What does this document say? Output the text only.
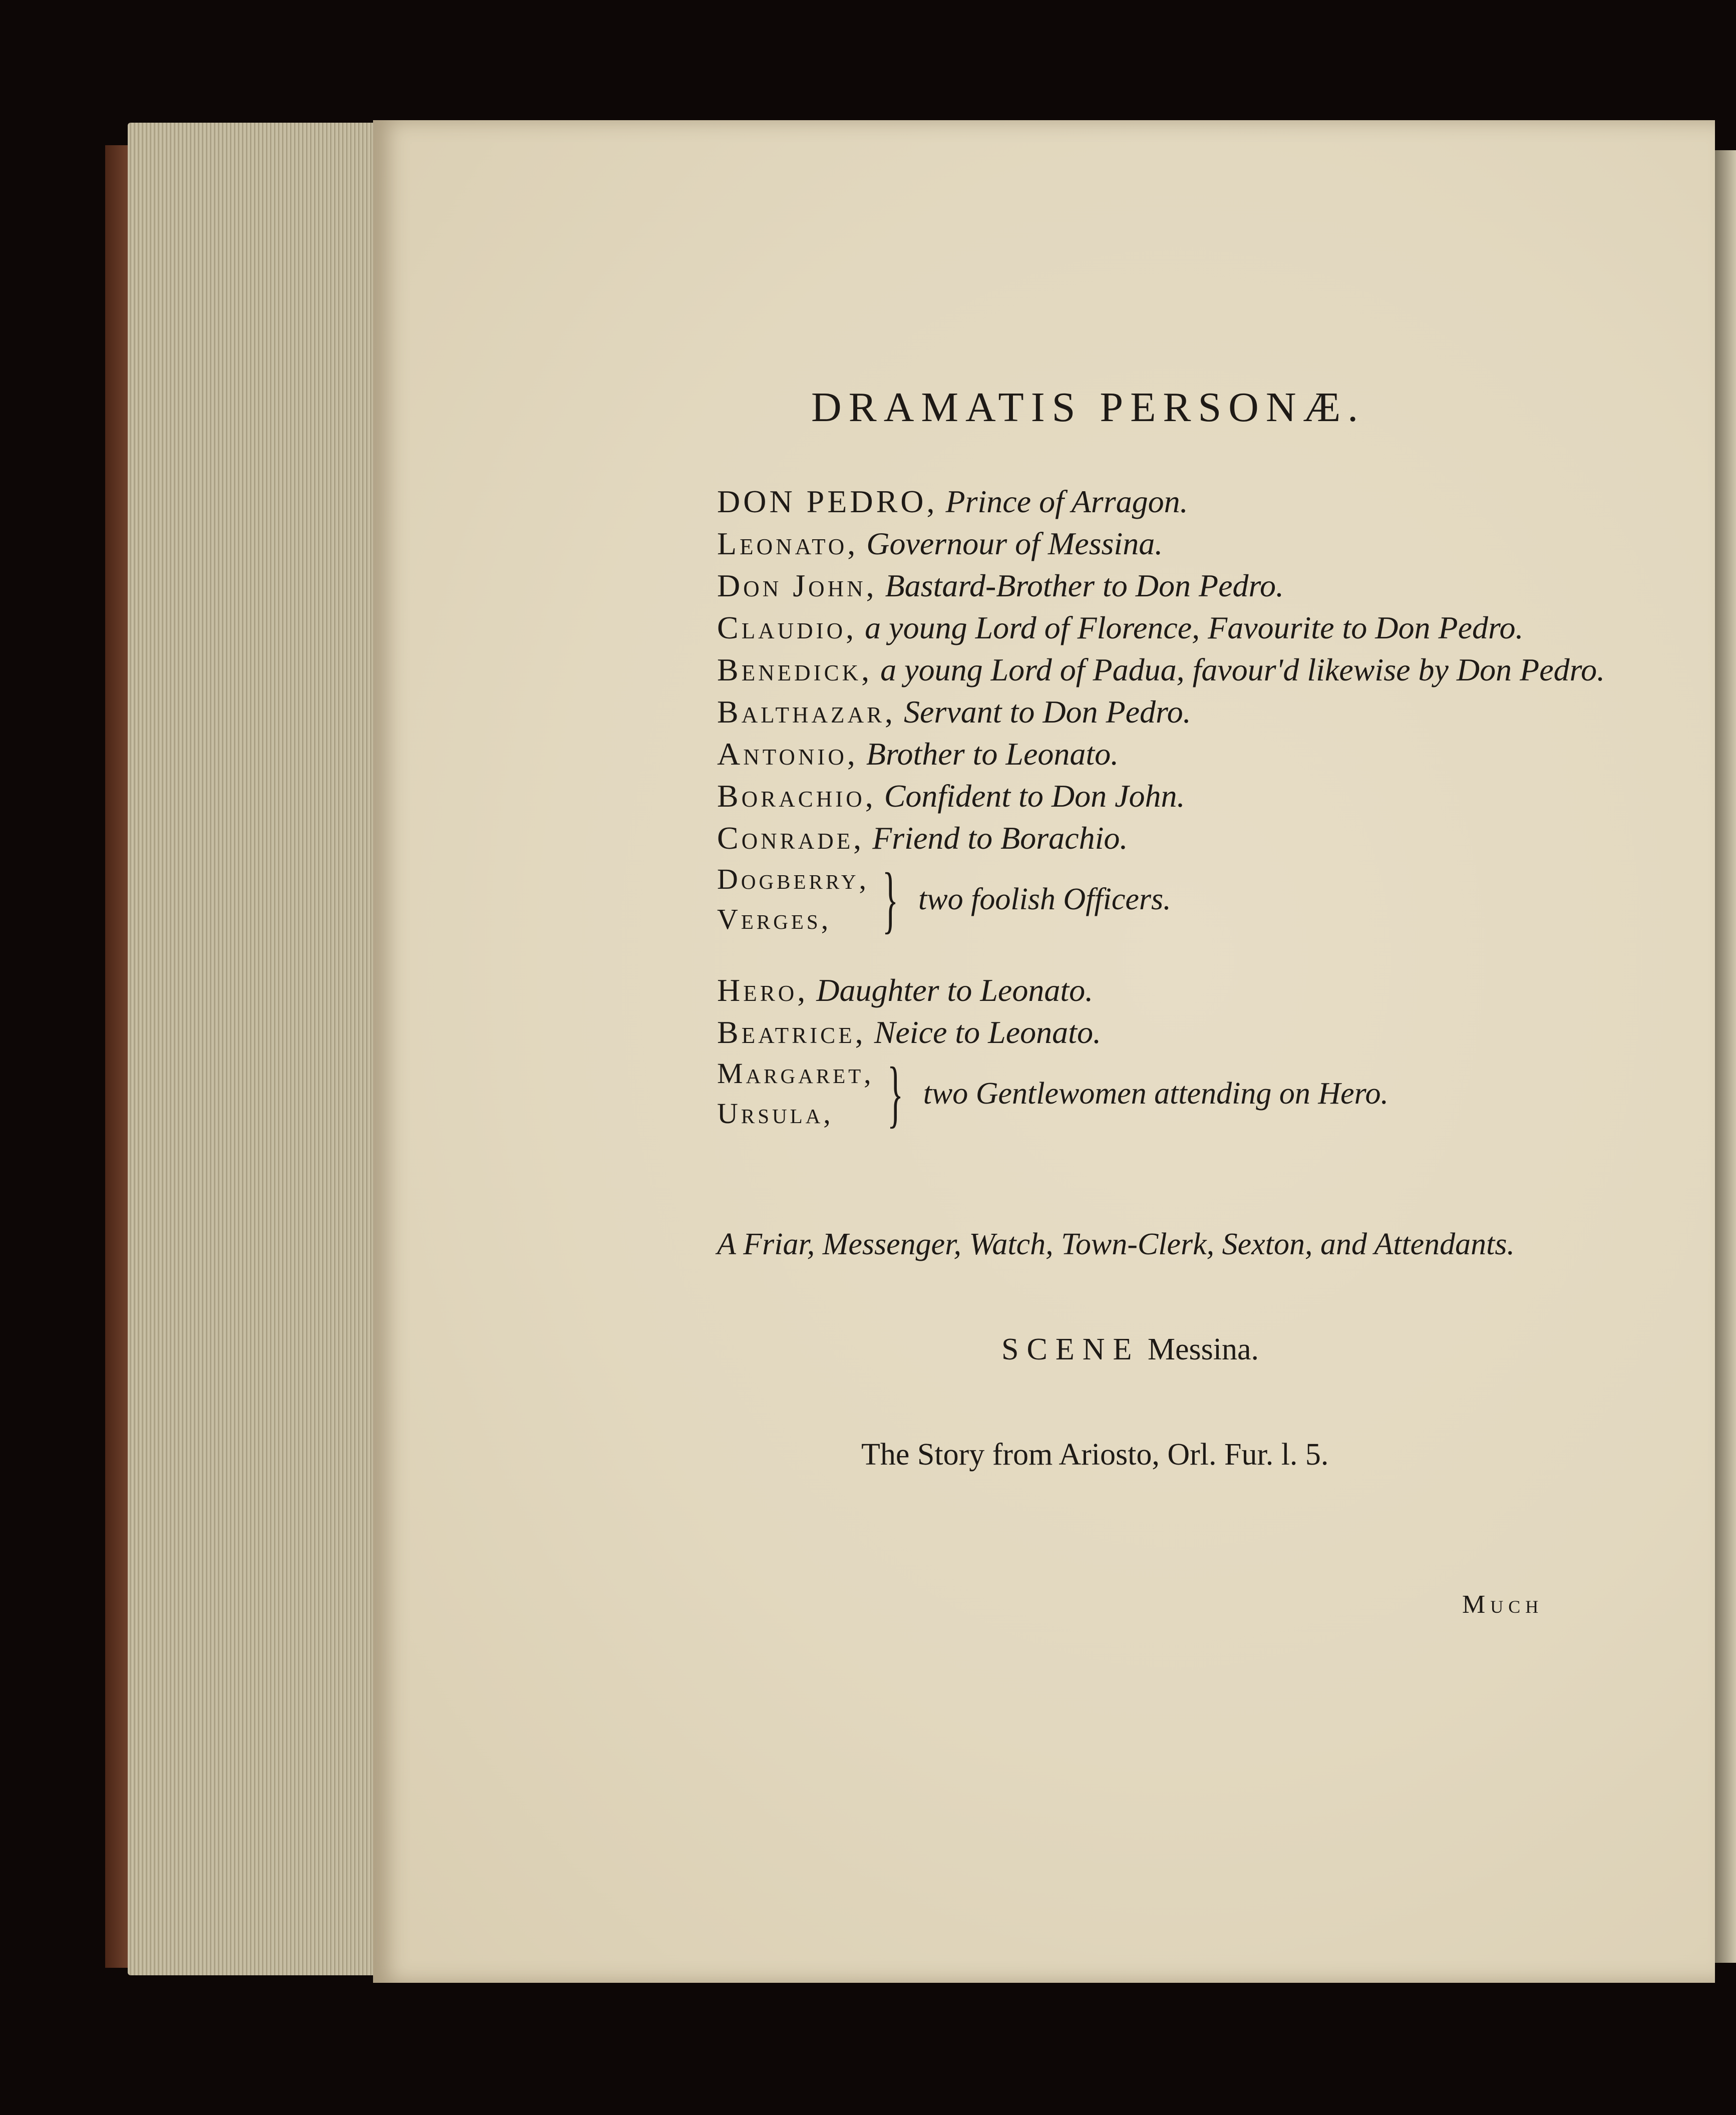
DRAMATIS PERSONÆ.
DON PEDRO, Prince of Arragon.
Leonato, Governour of Messina.
Don John, Bastard-Brother to Don Pedro.
Claudio, a young Lord of Florence, Favourite to Don Pedro.
Benedick, a young Lord of Padua, favour'd likewise by Don Pedro.
Balthazar, Servant to Don Pedro.
Antonio, Brother to Leonato.
Borachio, Confident to Don John.
Conrade, Friend to Borachio.
Dogberry,
Verges, } two foolish Officers.
Hero, Daughter to Leonato.
Beatrice, Neice to Leonato.
Margaret,
Ursula, } two Gentlewomen attending on Hero.
A Friar, Messenger, Watch, Town-Clerk, Sexton, and Attendants.
SCENE Messina.
The Story from Ariosto, Orl. Fur. l. 5.
Much
